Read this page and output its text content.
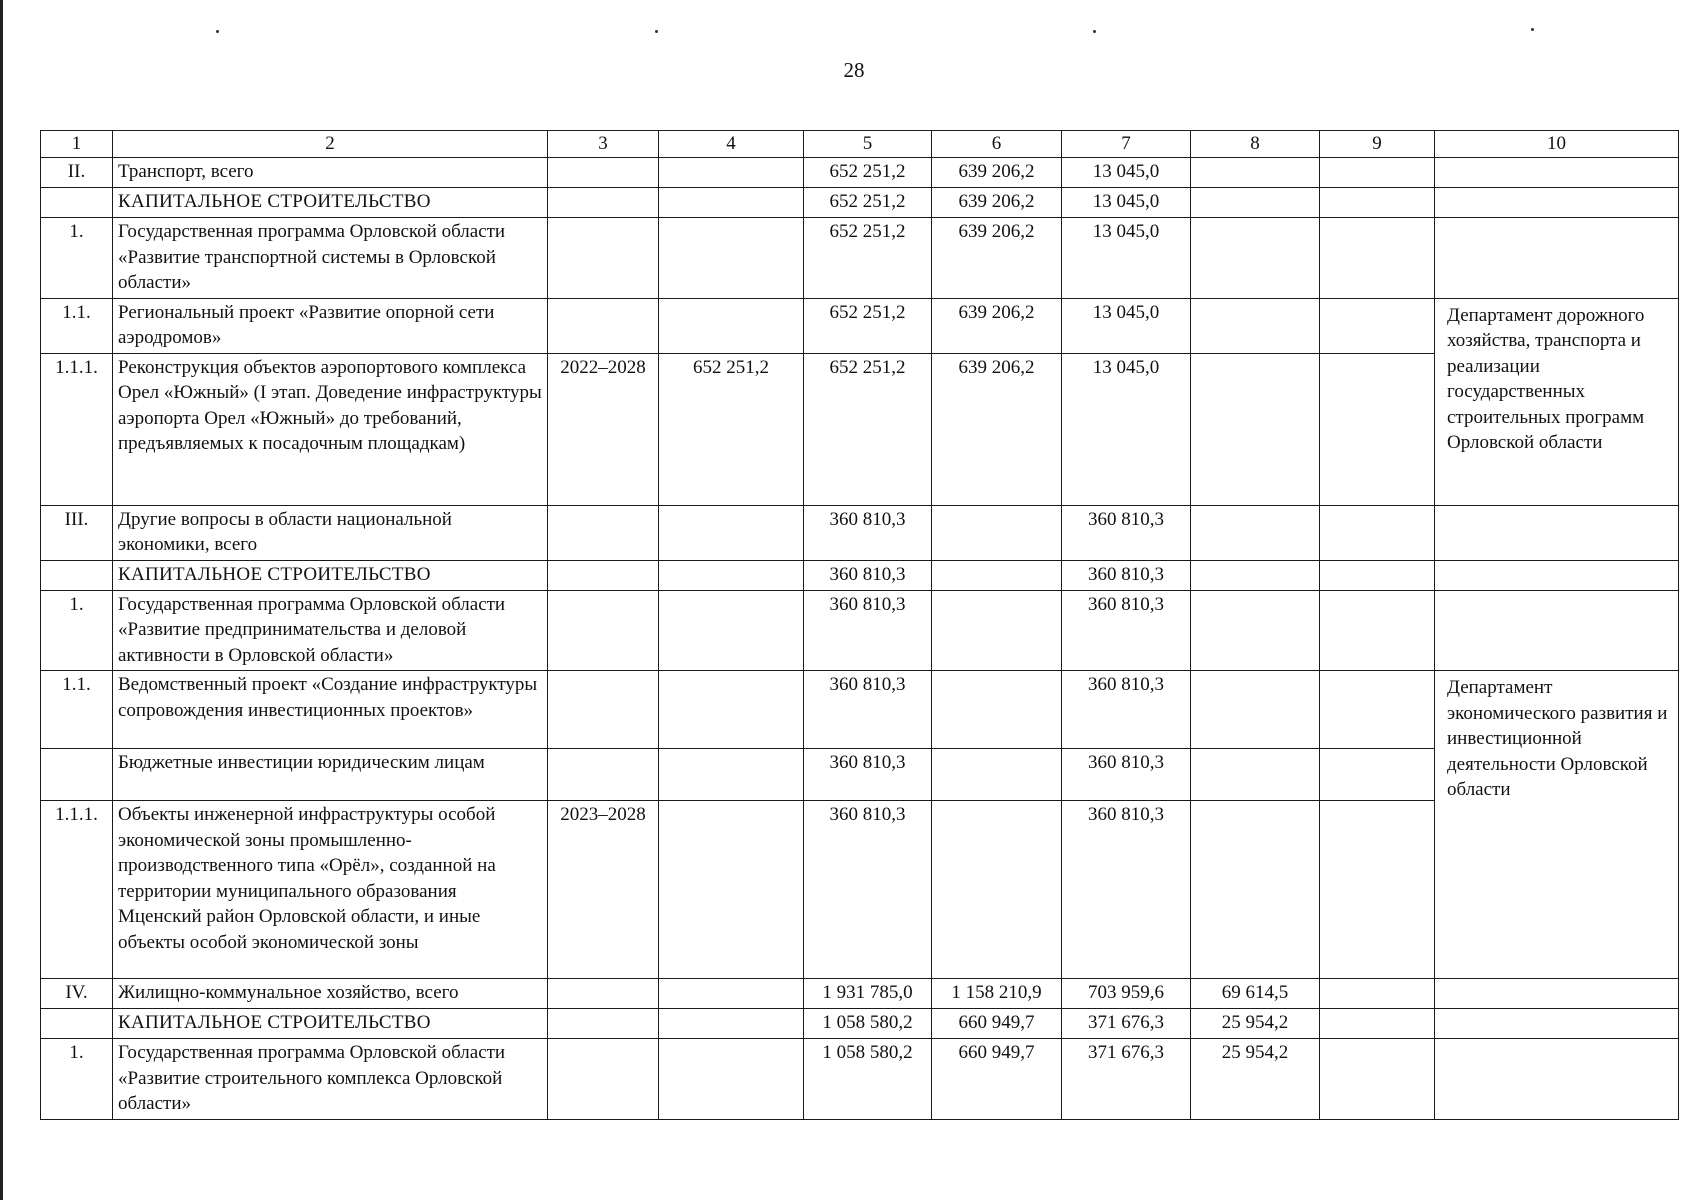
28
1	2	3	4	5	6	7	8	9	10
II.	Транспорт, всего			652 251,2	639 206,2	13 045,0			
	КАПИТАЛЬНОЕ СТРОИТЕЛЬСТВО			652 251,2	639 206,2	13 045,0			
1.	Государственная программа Орловской области «Развитие транспортной системы в Орловской области»			652 251,2	639 206,2	13 045,0			
1.1.	Региональный проект «Развитие опорной сети аэродромов»			652 251,2	639 206,2	13 045,0			Департамент дорожного хозяйства, транспорта и реализации государственных строительных программ Орловской области
1.1.1.	Реконструкция объектов аэропортового комплекса Орел «Южный» (I этап. Доведение инфраструктуры аэропорта Орел «Южный» до требований, предъявляемых к посадочным площадкам)	2022–2028	652 251,2	652 251,2	639 206,2	13 045,0			
III.	Другие вопросы в области национальной экономики, всего			360 810,3		360 810,3			
	КАПИТАЛЬНОЕ СТРОИТЕЛЬСТВО			360 810,3		360 810,3			
1.	Государственная программа Орловской области «Развитие предпринимательства и деловой активности в Орловской области»			360 810,3		360 810,3			
1.1.	Ведомственный проект «Создание инфраструктуры сопровождения инвестиционных проектов»			360 810,3		360 810,3			Департамент экономического развития и инвестиционной деятельности Орловской области
	Бюджетные инвестиции юридическим лицам			360 810,3		360 810,3			
1.1.1.	Объекты инженерной инфраструктуры особой экономической зоны промышленно-производственного типа «Орёл», созданной на территории муниципального образования Мценский район Орловской области, и иные объекты особой экономической зоны	2023–2028		360 810,3		360 810,3			
IV.	Жилищно-коммунальное хозяйство, всего			1 931 785,0	1 158 210,9	703 959,6	69 614,5		
	КАПИТАЛЬНОЕ СТРОИТЕЛЬСТВО			1 058 580,2	660 949,7	371 676,3	25 954,2		
1.	Государственная программа Орловской области «Развитие строительного комплекса Орловской области»			1 058 580,2	660 949,7	371 676,3	25 954,2		
